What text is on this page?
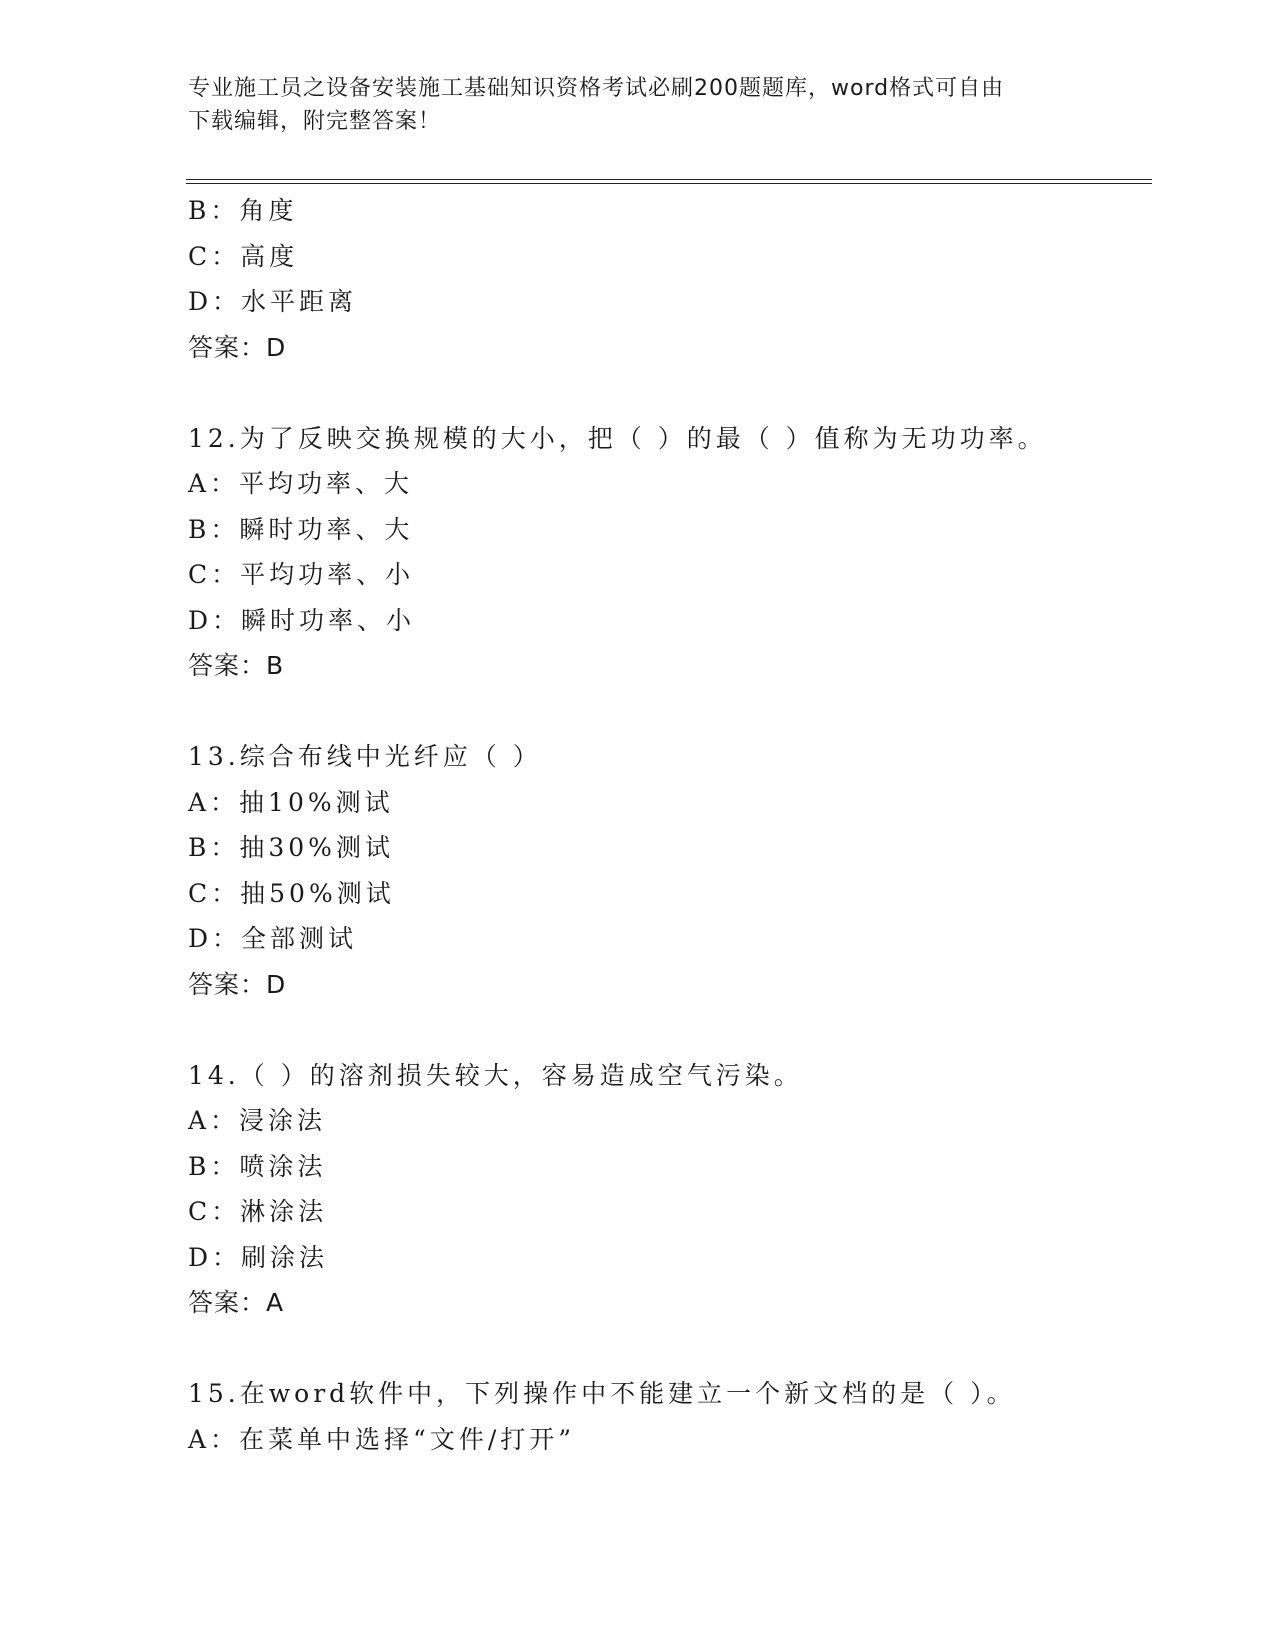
专业施工员之设备安装施工基础知识资格考试必刷200题题库，word格式可自由
下载编辑，附完整答案！
B：角度
C：高度
D：水平距离
答案：D
12.为了反映交换规模的大小，把（ ）的最（ ）值称为无功功率。
A：平均功率、大
B：瞬时功率、大
C：平均功率、小
D：瞬时功率、小
答案：B
13.综合布线中光纤应（ ）
A：抽10%测试
B：抽30%测试
C：抽50%测试
D：全部测试
答案：D
14.（ ）的溶剂损失较大，容易造成空气污染。
A：浸涂法
B：喷涂法
C：淋涂法
D：刷涂法
答案：A
15.在word软件中，下列操作中不能建立一个新文档的是（ ）。
A：在菜单中选择“文件/打开”
